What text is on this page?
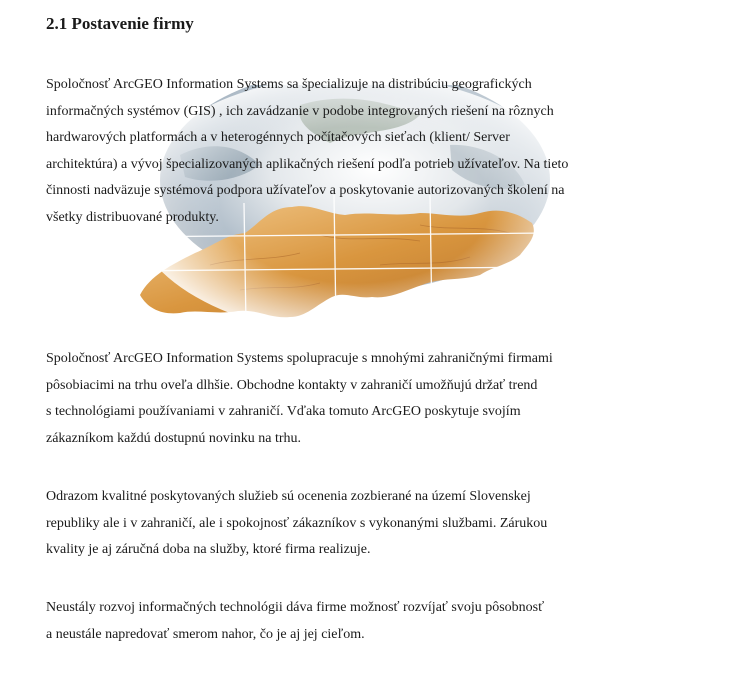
2.1 Postavenie firmy
Spoločnosť ArcGEO Information Systems sa špecializuje na distribúciu geografických
informačných systémov (GIS) , ich zavádzanie v podobe integrovaných riešení na rôznych
hardwarových platformách a v heterogénnych počítačových sieťach (klient/ Server
architektúra) a vývoj špecializovaných aplikačných riešení podľa potrieb užívateľov. Na tieto
činnosti nadväzuje systémová podpora užívateľov a poskytovanie autorizovaných školení na
všetky distribuované produkty.
Spoločnosť ArcGEO Information Systems spolupracuje s mnohými zahraničnými firmami
pôsobiacimi na trhu oveľa dlhšie. Obchodne kontakty v zahraničí umožňujú držať trend
s technológiami používaniami v zahraničí. Vďaka tomuto ArcGEO poskytuje svojím
zákazníkom každú dostupnú novinku na trhu.
Odrazom kvalitné poskytovaných služieb sú ocenenia zozbierané na území Slovenskej
republiky ale i v zahraničí, ale i spokojnosť zákazníkov s vykonanými službami. Zárukou
kvality je aj záručná doba na služby, ktoré firma realizuje.
Neustály rozvoj informačných technológii dáva firme možnosť rozvíjať svoju pôsobnosť
a neustále napredovať smerom nahor, čo je aj jej cieľom.
